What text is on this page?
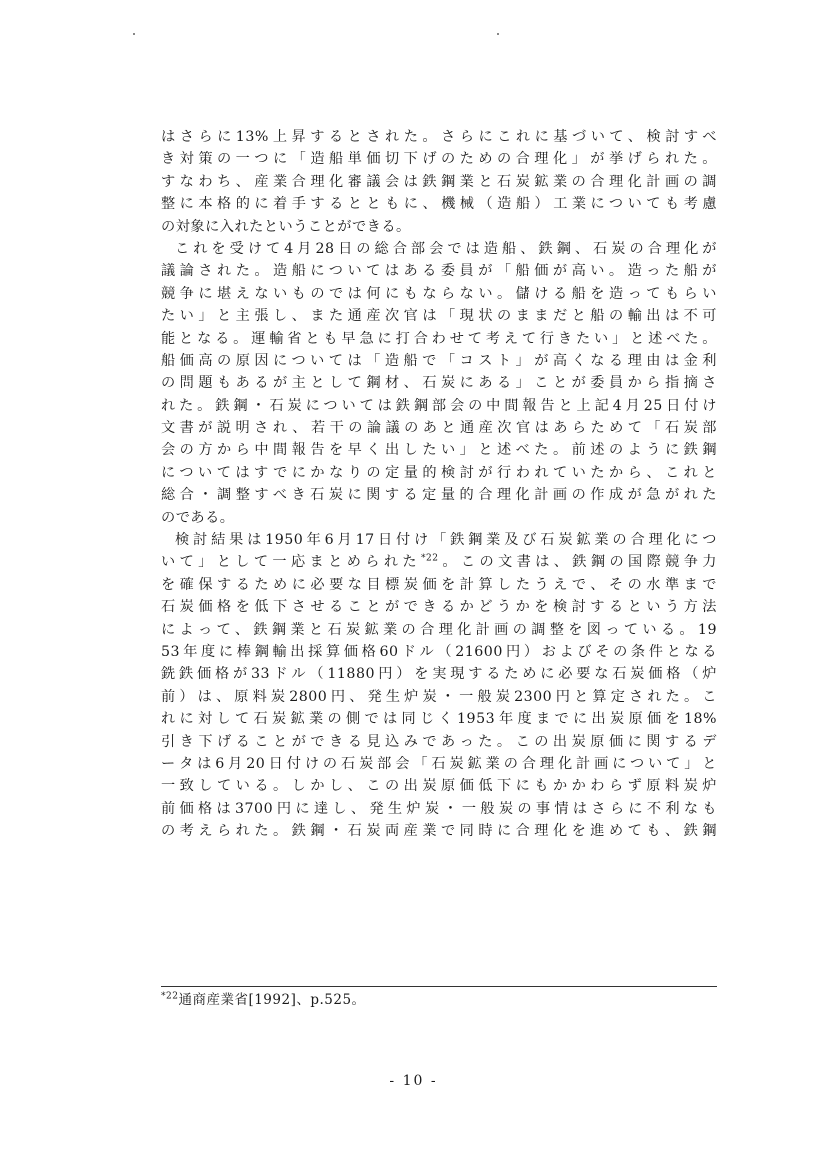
はさらに13%上昇するとされた。さらにこれに基づいて、検討すべ
き対策の一つに「造船単価切下げのための合理化」が挙げられた。
すなわち、産業合理化審議会は鉄鋼業と石炭鉱業の合理化計画の調
整に本格的に着手するとともに、機械（造船）工業についても考慮
の対象に入れたということができる。
これを受けて4月28日の総合部会では造船、鉄鋼、石炭の合理化が
議論された。造船についてはある委員が「船価が高い。造った船が
競争に堪えないものでは何にもならない。儲ける船を造ってもらい
たい」と主張し、また通産次官は「現状のままだと船の輸出は不可
能となる。運輸省とも早急に打合わせて考えて行きたい」と述べた。
船価高の原因については「造船で「コスト」が高くなる理由は金利
の問題もあるが主として鋼材、石炭にある」ことが委員から指摘さ
れた。鉄鋼・石炭については鉄鋼部会の中間報告と上記4月25日付け
文書が説明され、若干の論議のあと通産次官はあらためて「石炭部
会の方から中間報告を早く出したい」と述べた。前述のように鉄鋼
についてはすでにかなりの定量的検討が行われていたから、これと
総合・調整すべき石炭に関する定量的合理化計画の作成が急がれた
のである。
検討結果は1950年6月17日付け「鉄鋼業及び石炭鉱業の合理化につ
いて」として一応まとめられた$^{*22}$。この文書は、鉄鋼の国際競争力
を確保するために必要な目標炭価を計算したうえで、その水準まで
石炭価格を低下させることができるかどうかを検討するという方法
によって、鉄鋼業と石炭鉱業の合理化計画の調整を図っている。19
53年度に棒鋼輸出採算価格60ドル（21600円）およびその条件となる
銑鉄価格が33ドル（11880円）を実現するために必要な石炭価格（炉
前）は、原料炭2800円、発生炉炭・一般炭2300円と算定された。こ
れに対して石炭鉱業の側では同じく1953年度までに出炭原価を18%
引き下げることができる見込みであった。この出炭原価に関するデ
ータは6月20日付けの石炭部会「石炭鉱業の合理化計画について」と
一致している。しかし、この出炭原価低下にもかかわらず原料炭炉
前価格は3700円に達し、発生炉炭・一般炭の事情はさらに不利なも
の考えられた。鉄鋼・石炭両産業で同時に合理化を進めても、鉄鋼
$^{*22}$通商産業省[1992]、p.525。
- 10 -
